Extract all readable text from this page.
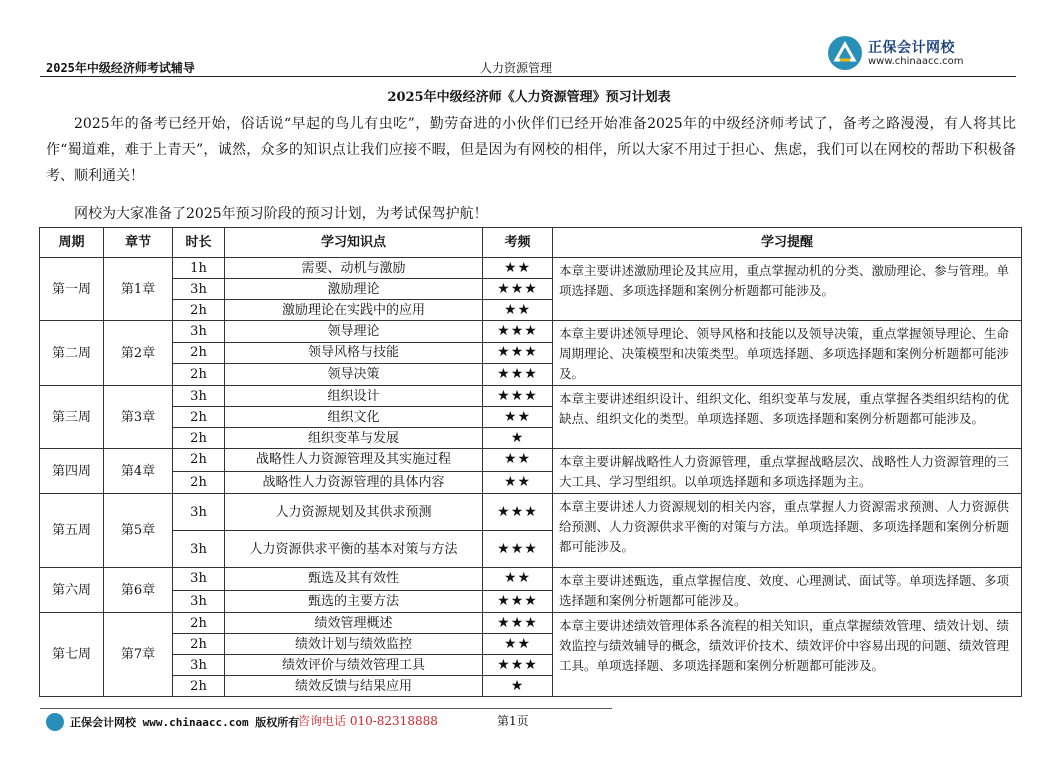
2025年中级经济师考试辅导	人力资源管理
正保会计网校
www.chinaacc.com
2025年中级经济师《人力资源管理》预习计划表
2025年的备考已经开始，俗话说“早起的鸟儿有虫吃”，勤劳奋进的小伙伴们已经开始准备2025年的中级经济师考试了，备考之路漫漫，有人将其比作“蜀道难，难于上青天”，诚然，众多的知识点让我们应接不暇，但是因为有网校的相伴，所以大家不用过于担心、焦虑，我们可以在网校的帮助下积极备考、顺利通关！
网校为大家准备了2025年预习阶段的预习计划，为考试保驾护航！
周期	章节	时长	学习知识点	考频	学习提醒
第一周	第1章	1h	需要、动机与激励	★★	本章主要讲述激励理论及其应用，重点掌握动机的分类、激励理论、参与管理。单项选择题、多项选择题和案例分析题都可能涉及。
		3h	激励理论	★★★	
		2h	激励理论在实践中的应用	★★	
第二周	第2章	3h	领导理论	★★★	本章主要讲述领导理论、领导风格和技能以及领导决策，重点掌握领导理论、生命周期理论、决策模型和决策类型。单项选择题、多项选择题和案例分析题都可能涉及。
		2h	领导风格与技能	★★★	
		2h	领导决策	★★★	
第三周	第3章	3h	组织设计	★★★	本章主要讲述组织设计、组织文化、组织变革与发展，重点掌握各类组织结构的优缺点、组织文化的类型。单项选择题、多项选择题和案例分析题都可能涉及。
		2h	组织文化	★★	
		2h	组织变革与发展	★	
第四周	第4章	2h	战略性人力资源管理及其实施过程	★★	本章主要讲解战略性人力资源管理，重点掌握战略层次、战略性人力资源管理的三大工具、学习型组织。以单项选择题和多项选择题为主。
		2h	战略性人力资源管理的具体内容	★★	
第五周	第5章	3h	人力资源规划及其供求预测	★★★	本章主要讲述人力资源规划的相关内容，重点掌握人力资源需求预测、人力资源供给预测、人力资源供求平衡的对策与方法。单项选择题、多项选择题和案例分析题都可能涉及。
		3h	人力资源供求平衡的基本对策与方法	★★★	
第六周	第6章	3h	甄选及其有效性	★★	本章主要讲述甄选，重点掌握信度、效度、心理测试、面试等。单项选择题、多项选择题和案例分析题都可能涉及。
		3h	甄选的主要方法	★★★	
第七周	第7章	2h	绩效管理概述	★★★	本章主要讲述绩效管理体系各流程的相关知识，重点掌握绩效管理、绩效计划、绩效监控与绩效辅导的概念，绩效评价技术、绩效评价中容易出现的问题、绩效管理工具。单项选择题、多项选择题和案例分析题都可能涉及。
		2h	绩效计划与绩效监控	★★	
		3h	绩效评价与绩效管理工具	★★★	
		2h	绩效反馈与结果应用	★	
正保会计网校 www.chinaacc.com 版权所有
咨询电话 010-82318888	第1页
